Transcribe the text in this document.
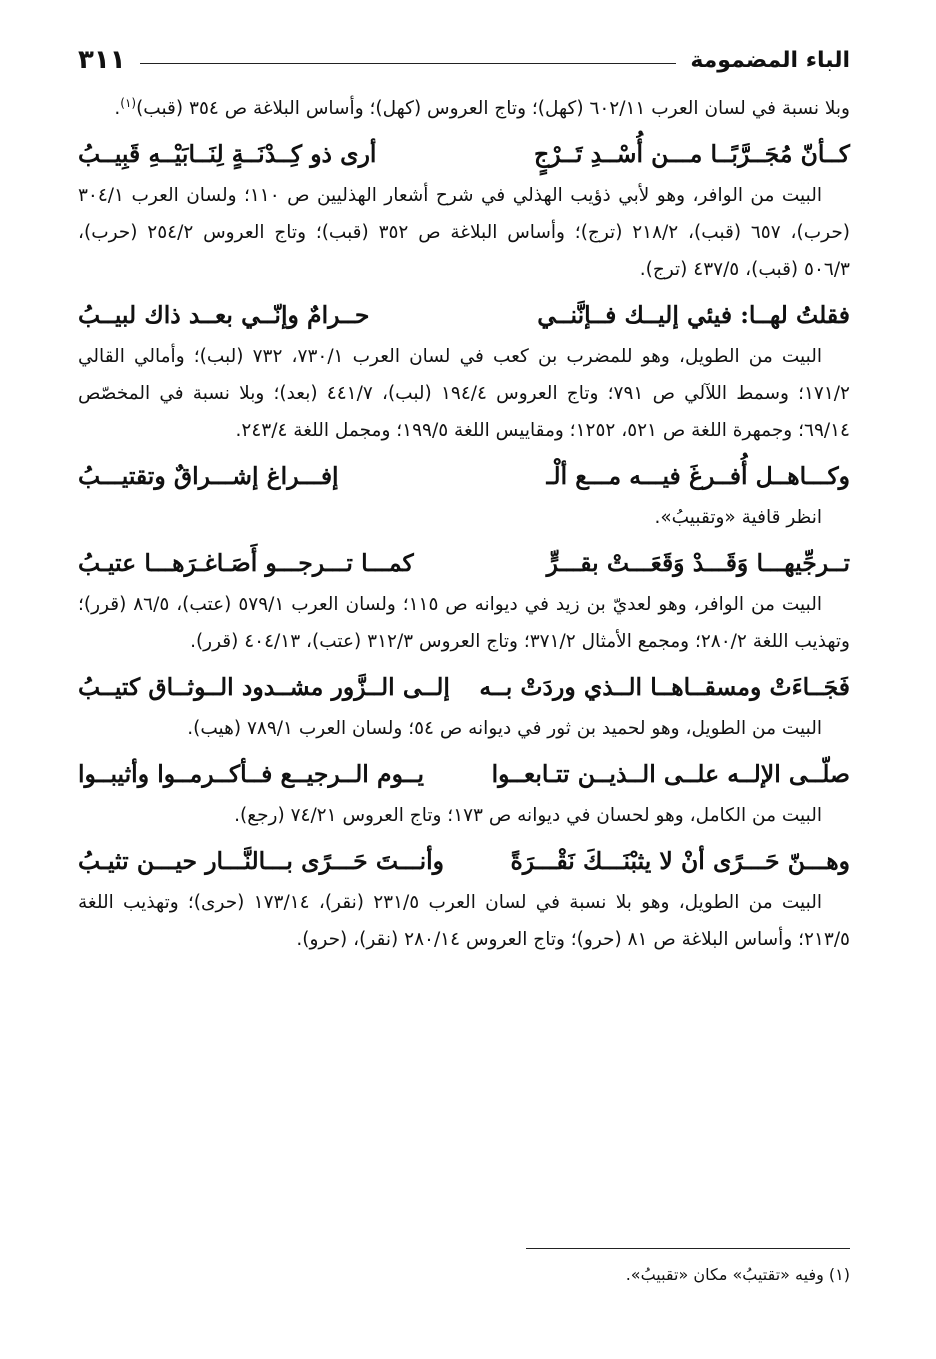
الباء المضمومة
٣١١

وبلا نسبة في لسان العرب ٦٠٢/١١ (كهل)؛ وتاج العروس (كهل)؛ وأساس البلاغة ص ٣٥٤ (قبب)$^{(١)}$.

كــأنّ مُجَــرَّبًــا مـــن أُسْــدِ تَــرْجٍ
أرى ذو كِــدْنَــةٍ لِنَــابَيْــهِ قَبِيــبُ

البيت من الوافر، وهو لأبي ذؤيب الهذلي في شرح أشعار الهذليين ص ١١٠؛ ولسان العرب ٣٠٤/١ (حرب)، ٦٥٧ (قبب)، ٢١٨/٢ (ترج)؛ وأساس البلاغة ص ٣٥٢ (قبب)؛ وتاج العروس ٢٥٤/٢ (حرب)، ٥٠٦/٣ (قبب)، ٤٣٧/٥ (ترج).

فقلتُ لهــا: فيئي إليــك فــإنَّنــي
حــرامٌ وإنّــي بعــد ذاك لبيــبُ

البيت من الطويل، وهو للمضرب بن كعب في لسان العرب ٧٣٠/١، ٧٣٢ (لبب)؛ وأمالي القالي ١٧١/٢؛ وسمط اللآلي ص ٧٩١؛ وتاج العروس ١٩٤/٤ (لبب)، ٤٤١/٧ (بعد)؛ وبلا نسبة في المخصّص ٦٩/١٤؛ وجمهرة اللغة ص ٥٢١، ١٢٥٢؛ ومقاييس اللغة ١٩٩/٥؛ ومجمل اللغة ٢٤٣/٤.

وكـــاهــل أُفــرغَ فيـــه مـــع ألْـ
إفـــراغ إشـــراقٌ وتقتيـــبُ

انظر قافية «وتقبيبُ».

تــرجِّيهـــا وَقَـــدْ وَقَعَـــتْ بقـــرٍّ
كمـــا تـــرجـــو أَصَـاغـرَهـــا عتيـبُ

البيت من الوافر، وهو لعديّ بن زيد في ديوانه ص ١١٥؛ ولسان العرب ٥٧٩/١ (عتب)، ٨٦/٥ (قرر)؛ وتهذيب اللغة ٢٨٠/٢؛ ومجمع الأمثال ٣٧١/٢؛ وتاج العروس ٣١٢/٣ (عتب)، ٤٠٤/١٣ (قرر).

فَجَــاءَتْ ومسقــاهــا الــذي وردَتْ بــه
إلــى الــزَّور مشــدود الــوثــاق كتيــبُ

البيت من الطويل، وهو لحميد بن ثور في ديوانه ص ٥٤؛ ولسان العرب ٧٨٩/١ (هيب).

صلّــى الإلــه علــى الــذيــن تتـابعــوا
يــوم الــرجيــع فــأكــرمــوا وأثيبــوا

البيت من الكامل، وهو لحسان في ديوانه ص ١٧٣؛ وتاج العروس ٧٤/٢١ (رجع).

وهـــنّ حَـــرًى أنْ لا يثبْنَـــكَ نَقْـــرَةً
وأنـــتَ حَـــرًى بـــالنَّـــار حيـــن تثيـبُ

البيت من الطويل، وهو بلا نسبة في لسان العرب ٢٣١/٥ (نقر)، ١٧٣/١٤ (حرى)؛ وتهذيب اللغة ٢١٣/٥؛ وأساس البلاغة ص ٨١ (حرو)؛ وتاج العروس ٢٨٠/١٤ (نقر)، (حرو).

(١) وفيه «تقتيبُ» مكان «تقبيبُ».
